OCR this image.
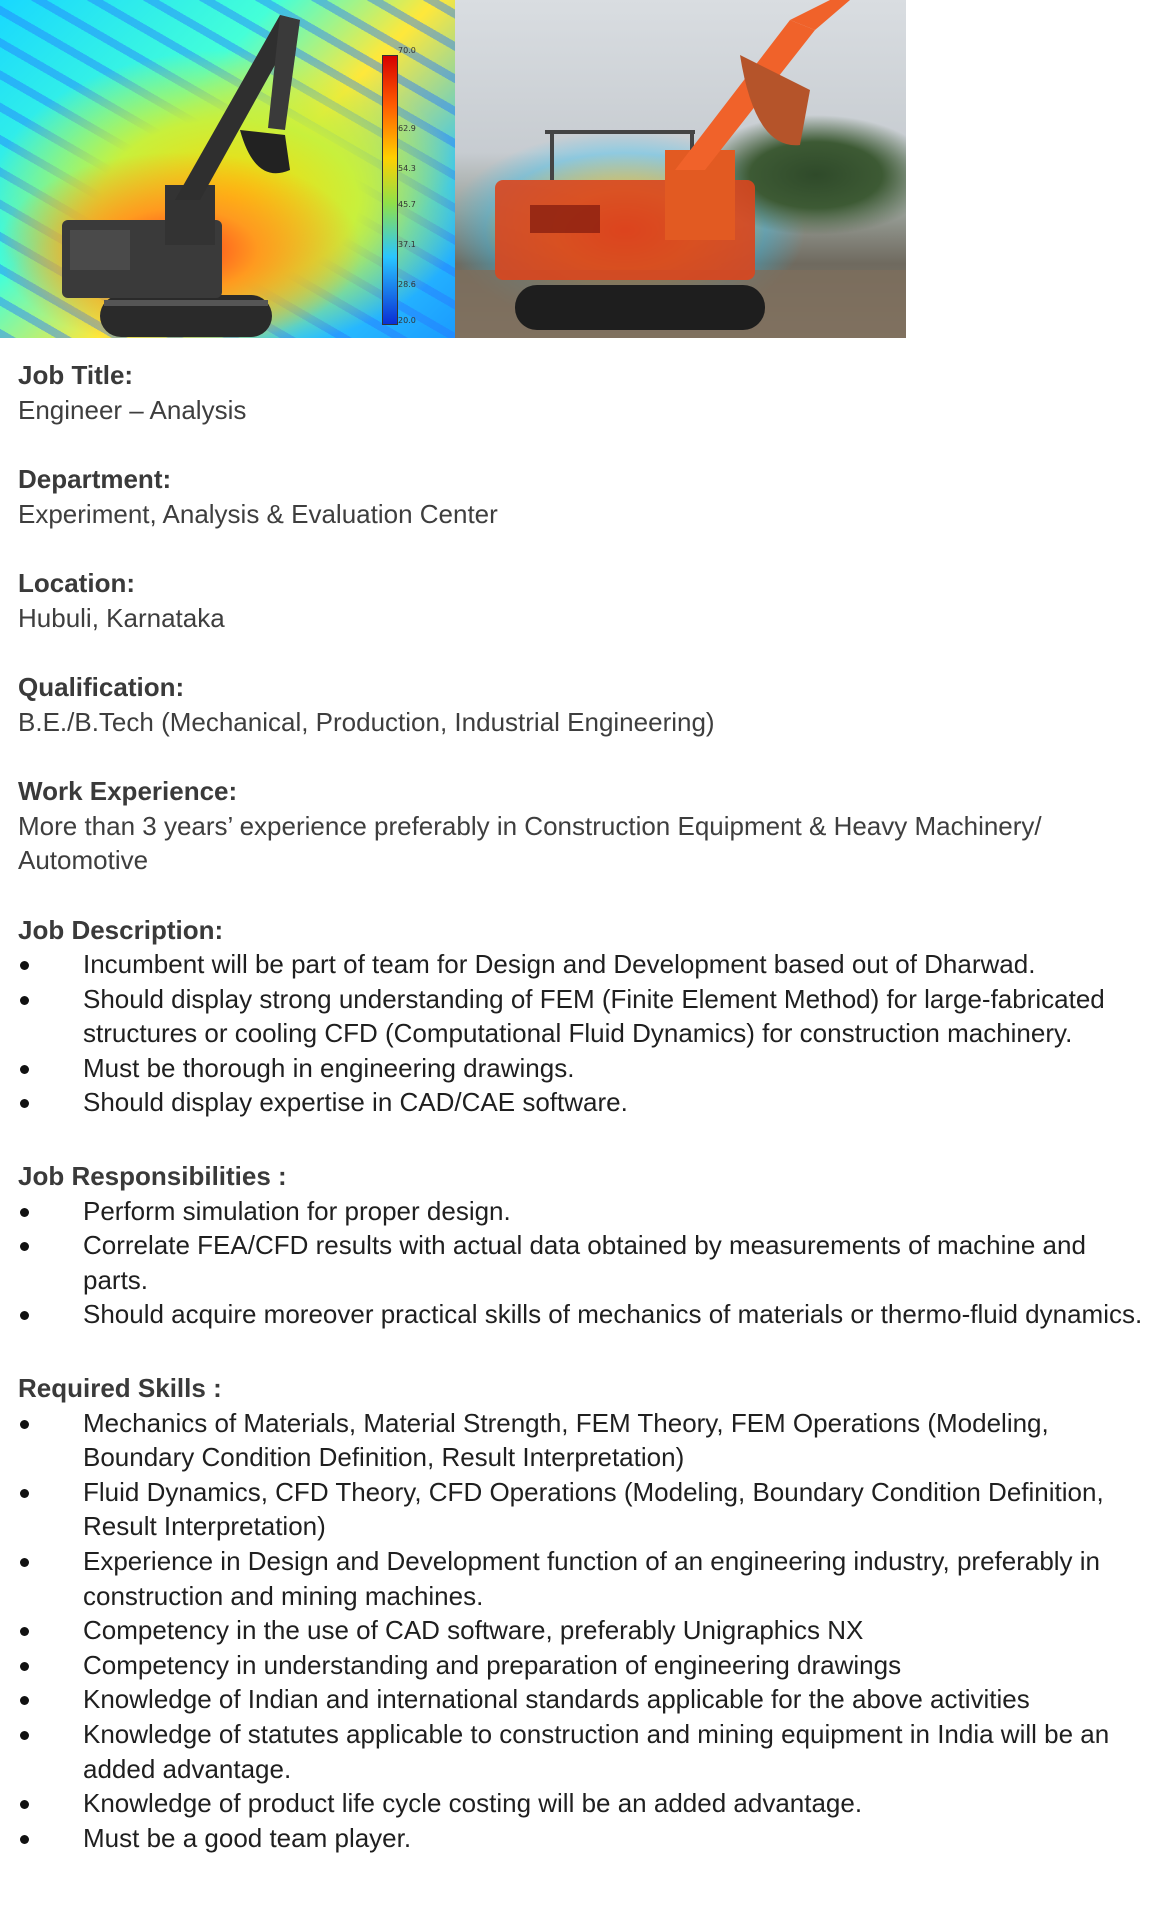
70.0
62.9
54.3
45.7
37.1
28.6
20.0
Job Title:
Engineer – Analysis
Department:
Experiment, Analysis & Evaluation Center
Location:
Hubuli, Karnataka
Qualification:
B.E./B.Tech (Mechanical, Production, Industrial Engineering)
Work Experience:
More than 3 years’ experience preferably in Construction Equipment & Heavy Machinery/ Automotive
Job Description:
Incumbent will be part of team for Design and Development based out of Dharwad.
Should display strong understanding of FEM (Finite Element Method) for large-fabricated structures or cooling CFD (Computational Fluid Dynamics) for construction machinery.
Must be thorough in engineering drawings.
Should display expertise in CAD/CAE software.
Job Responsibilities :
Perform simulation for proper design.
Correlate FEA/CFD results with actual data obtained by measurements of machine and parts.
Should acquire moreover practical skills of mechanics of materials or thermo-fluid dynamics.
Required Skills :
Mechanics of Materials, Material Strength, FEM Theory, FEM Operations (Modeling, Boundary Condition Definition, Result Interpretation)
Fluid Dynamics, CFD Theory, CFD Operations (Modeling, Boundary Condition Definition, Result Interpretation)
Experience in Design and Development function of an engineering industry, preferably in construction and mining machines.
Competency in the use of CAD software, preferably Unigraphics NX
Competency in understanding and preparation of engineering drawings
Knowledge of Indian and international standards applicable for the above activities
Knowledge of statutes applicable to construction and mining equipment in India will be an added advantage.
Knowledge of product life cycle costing will be an added advantage.
Must be a good team player.
